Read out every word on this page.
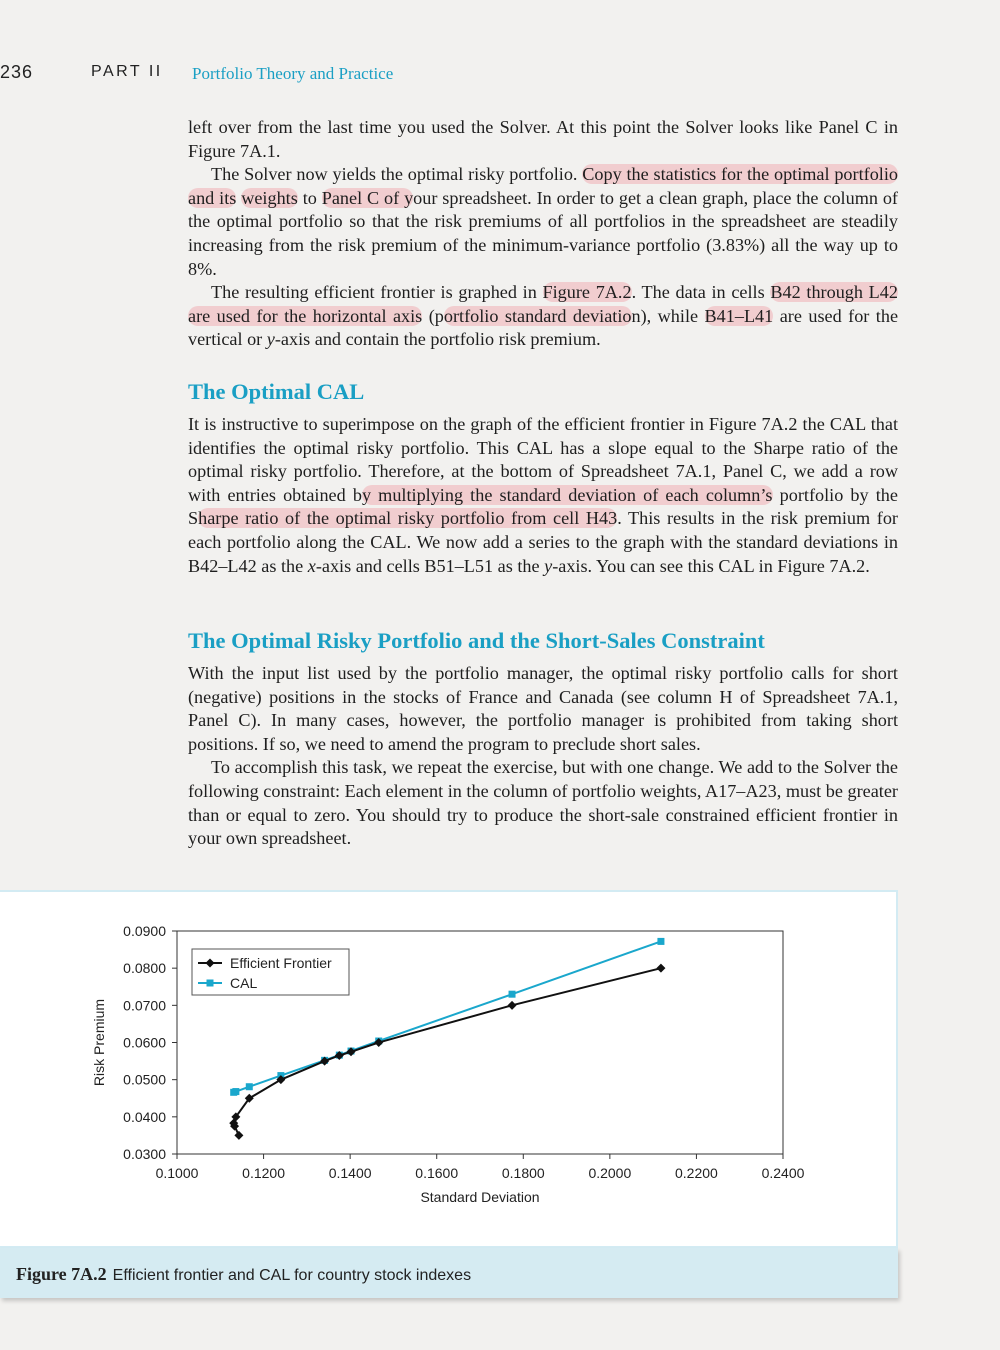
236	PART II Portfolio Theory and Practice

left over from the last time you used the Solver. At this point the Solver looks like Panel C in Figure 7A.1.

The Solver now yields the optimal risky portfolio. Copy the statistics for the optimal portfolio and its weights to Panel C of your spreadsheet. In order to get a clean graph, place the column of the optimal portfolio so that the risk premiums of all portfolios in the spreadsheet are steadily increasing from the risk premium of the minimum-variance portfolio (3.83%) all the way up to 8%.

The resulting efficient frontier is graphed in Figure 7A.2. The data in cells B42 through L42 are used for the horizontal axis (portfolio standard deviation), while B41–L41 are used for the vertical or y-axis and contain the portfolio risk premium.

The Optimal CAL

It is instructive to superimpose on the graph of the efficient frontier in Figure 7A.2 the CAL that identifies the optimal risky portfolio. This CAL has a slope equal to the Sharpe ratio of the optimal risky portfolio. Therefore, at the bottom of Spreadsheet 7A.1, Panel C, we add a row with entries obtained by multiplying the standard deviation of each column’s portfolio by the Sharpe ratio of the optimal risky portfolio from cell H43. This results in the risk premium for each portfolio along the CAL. We now add a series to the graph with the standard deviations in B42–L42 as the x-axis and cells B51–L51 as the y-axis. You can see this CAL in Figure 7A.2.

The Optimal Risky Portfolio and the Short-Sales Constraint

With the input list used by the portfolio manager, the optimal risky portfolio calls for short (negative) positions in the stocks of France and Canada (see column H of Spreadsheet 7A.1, Panel C). In many cases, however, the portfolio manager is prohibited from taking short positions. If so, we need to amend the program to preclude short sales.

To accomplish this task, we repeat the exercise, but with one change. We add to the Solver the following constraint: Each element in the column of portfolio weights, A17–A23, must be greater than or equal to zero. You should try to produce the short-sale constrained efficient frontier in your own spreadsheet.

0.0300
0.0400
0.0500
0.0600
0.0700
0.0800
0.0900
0.1000	0.1200	0.1400	0.1600	0.1800	0.2000	0.2200	0.2400
Standard Deviation
Risk Premium
Efficient Frontier
CAL
Figure 7A.2 Efficient frontier and CAL for country stock indexes
